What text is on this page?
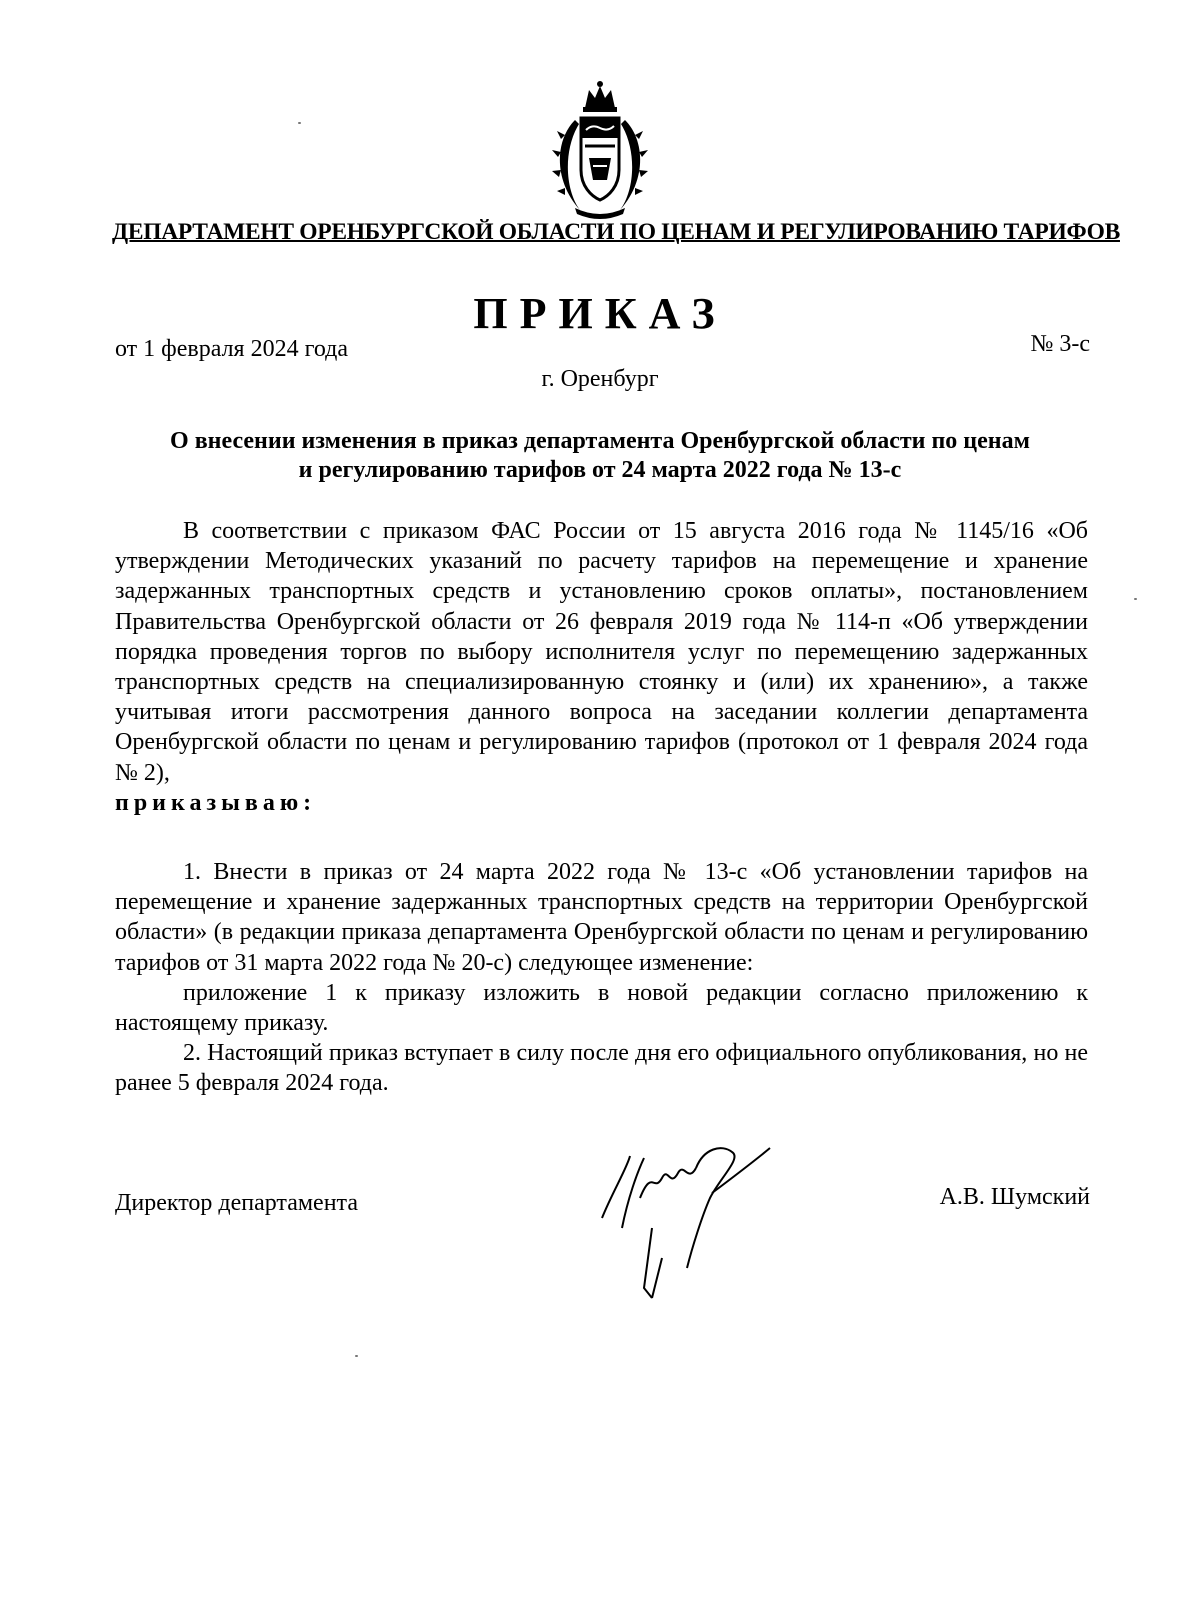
ДЕПАРТАМЕНТ ОРЕНБУРГСКОЙ ОБЛАСТИ ПО ЦЕНАМ И РЕГУЛИРОВАНИЮ ТАРИФОВ
ПРИКАЗ
от 1 февраля 2024 года	№ 3-с
г. Оренбург
О внесении изменения в приказ департамента Оренбургской области по ценам
и регулированию тарифов от 24 марта 2022 года № 13-с
В соответствии с приказом ФАС России от 15 августа 2016 года № 1145/16 «Об утверждении Методических указаний по расчету тарифов на перемещение и хранение задержанных транспортных средств и установлению сроков оплаты», постановлением Правительства Оренбургской области от 26 февраля 2019 года № 114-п «Об утверждении порядка проведения торгов по выбору исполнителя услуг по перемещению задержанных транспортных средств на специализированную стоянку и (или) их хранению», а также учитывая итоги рассмотрения данного вопроса на заседании коллегии департамента Оренбургской области по ценам и регулированию тарифов (протокол от 1 февраля 2024 года № 2),
приказываю:
1. Внести в приказ от 24 марта 2022 года № 13-с «Об установлении тарифов на перемещение и хранение задержанных транспортных средств на территории Оренбургской области» (в редакции приказа департамента Оренбургской области по ценам и регулированию тарифов от 31 марта 2022 года № 20-с) следующее изменение:
приложение 1 к приказу изложить в новой редакции согласно приложению к настоящему приказу.
2. Настоящий приказ вступает в силу после дня его официального опубликования, но не ранее 5 февраля 2024 года.
Директор департамента	А.В. Шумский
